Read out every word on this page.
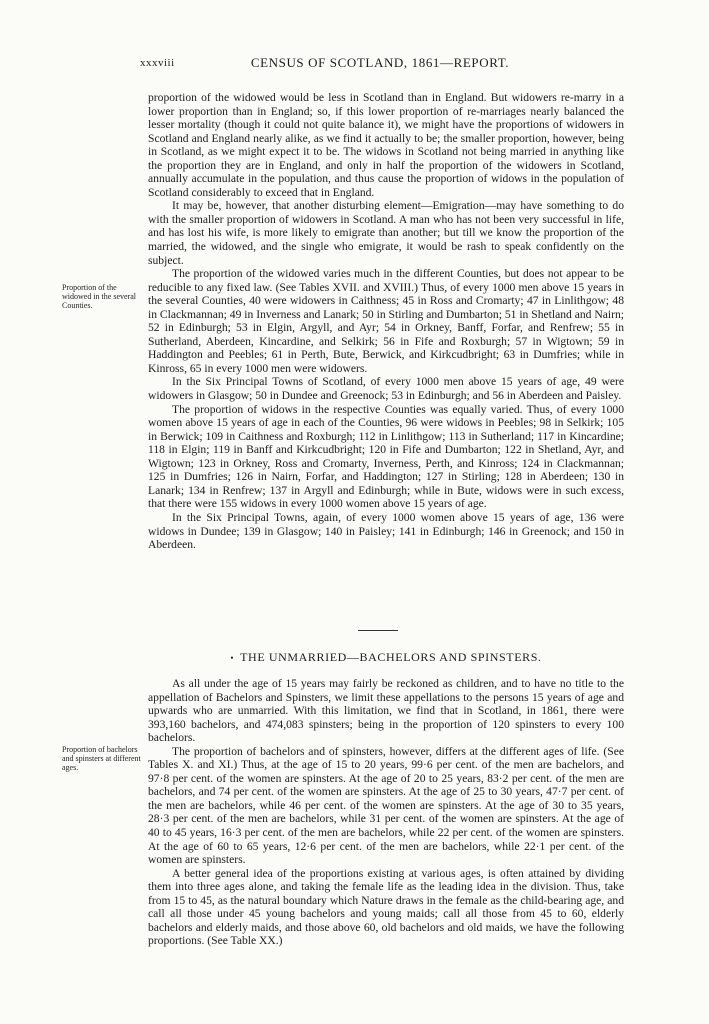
xxxviii	CENSUS OF SCOTLAND, 1861—REPORT.

proportion of the widowed would be less in Scotland than in England. But widowers re-marry in a lower proportion than in England; so, if this lower proportion of re-marriages nearly balanced the lesser mortality (though it could not quite balance it), we might have the proportions of widowers in Scotland and England nearly alike, as we find it actually to be; the smaller proportion, however, being in Scotland, as we might expect it to be. The widows in Scotland not being married in anything like the proportion they are in England, and only in half the proportion of the widowers in Scotland, annually accumulate in the population, and thus cause the proportion of widows in the population of Scotland considerably to exceed that in England.

It may be, however, that another disturbing element—Emigration—may have something to do with the smaller proportion of widowers in Scotland. A man who has not been very successful in life, and has lost his wife, is more likely to emigrate than another; but till we know the proportion of the married, the widowed, and the single who emigrate, it would be rash to speak confidently on the subject.

The proportion of the widowed varies much in the different Counties, but does not appear to be reducible to any fixed law. (See Tables XVII. and XVIII.) Thus, of every 1000 men above 15 years in the several Counties, 40 were widowers in Caithness; 45 in Ross and Cromarty; 47 in Linlithgow; 48 in Clackmannan; 49 in Inverness and Lanark; 50 in Stirling and Dumbarton; 51 in Shetland and Nairn; 52 in Edinburgh; 53 in Elgin, Argyll, and Ayr; 54 in Orkney, Banff, Forfar, and Renfrew; 55 in Sutherland, Aberdeen, Kincardine, and Selkirk; 56 in Fife and Roxburgh; 57 in Wigtown; 59 in Haddington and Peebles; 61 in Perth, Bute, Berwick, and Kirkcudbright; 63 in Dumfries; while in Kinross, 65 in every 1000 men were widowers.

In the Six Principal Towns of Scotland, of every 1000 men above 15 years of age, 49 were widowers in Glasgow; 50 in Dundee and Greenock; 53 in Edinburgh; and 56 in Aberdeen and Paisley.

The proportion of widows in the respective Counties was equally varied. Thus, of every 1000 women above 15 years of age in each of the Counties, 96 were widows in Peebles; 98 in Selkirk; 105 in Berwick; 109 in Caithness and Roxburgh; 112 in Linlithgow; 113 in Sutherland; 117 in Kincardine; 118 in Elgin; 119 in Banff and Kirkcudbright; 120 in Fife and Dumbarton; 122 in Shetland, Ayr, and Wigtown; 123 in Orkney, Ross and Cromarty, Inverness, Perth, and Kinross; 124 in Clackmannan; 125 in Dumfries; 126 in Nairn, Forfar, and Haddington; 127 in Stirling; 128 in Aberdeen; 130 in Lanark; 134 in Renfrew; 137 in Argyll and Edinburgh; while in Bute, widows were in such excess, that there were 155 widows in every 1000 women above 15 years of age.

In the Six Principal Towns, again, of every 1000 women above 15 years of age, 136 were widows in Dundee; 139 in Glasgow; 140 in Paisley; 141 in Edinburgh; 146 in Greenock; and 150 in Aberdeen.

Proportion of the widowed in the several Counties.
• THE UNMARRIED—BACHELORS AND SPINSTERS.

As all under the age of 15 years may fairly be reckoned as children, and to have no title to the appellation of Bachelors and Spinsters, we limit these appellations to the persons 15 years of age and upwards who are unmarried. With this limitation, we find that in Scotland, in 1861, there were 393,160 bachelors, and 474,083 spinsters; being in the proportion of 120 spinsters to every 100 bachelors.

The proportion of bachelors and of spinsters, however, differs at the different ages of life. (See Tables X. and XI.) Thus, at the age of 15 to 20 years, 99·6 per cent. of the men are bachelors, and 97·8 per cent. of the women are spinsters. At the age of 20 to 25 years, 83·2 per cent. of the men are bachelors, and 74 per cent. of the women are spinsters. At the age of 25 to 30 years, 47·7 per cent. of the men are bachelors, while 46 per cent. of the women are spinsters. At the age of 30 to 35 years, 28·3 per cent. of the men are bachelors, while 31 per cent. of the women are spinsters. At the age of 40 to 45 years, 16·3 per cent. of the men are bachelors, while 22 per cent. of the women are spinsters. At the age of 60 to 65 years, 12·6 per cent. of the men are bachelors, while 22·1 per cent. of the women are spinsters.

A better general idea of the proportions existing at various ages, is often attained by dividing them into three ages alone, and taking the female life as the leading idea in the division. Thus, take from 15 to 45, as the natural boundary which Nature draws in the female as the child-bearing age, and call all those under 45 young bachelors and young maids; call all those from 45 to 60, elderly bachelors and elderly maids, and those above 60, old bachelors and old maids, we have the following proportions. (See Table XX.)

Proportion of bachelors and spinsters at different ages.
